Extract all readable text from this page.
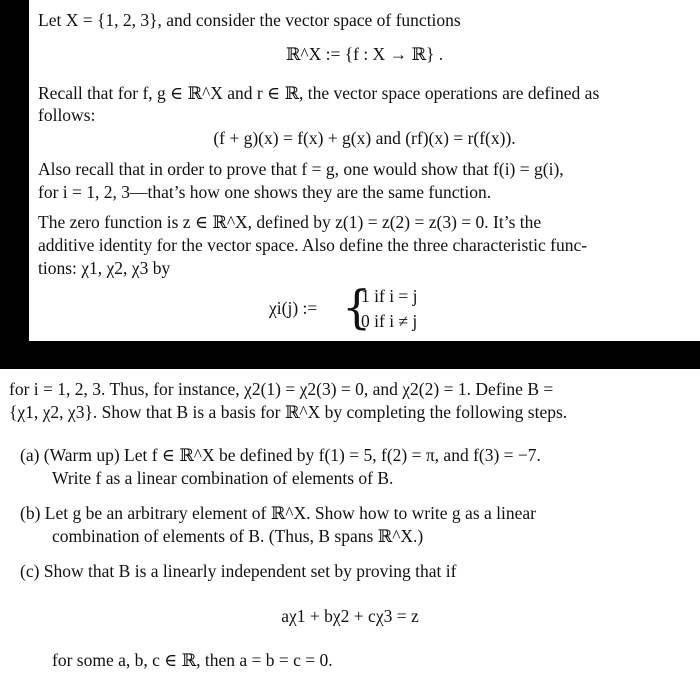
Let X = {1, 2, 3}, and consider the vector space of functions
ℝ^X := {f : X → ℝ} .
Recall that for f, g ∈ ℝ^X and r ∈ ℝ, the vector space operations are defined as
follows:
(f + g)(x) = f(x) + g(x) and (rf)(x) = r(f(x)).
Also recall that in order to prove that f = g, one would show that f(i) = g(i),
for i = 1, 2, 3—that’s how one shows they are the same function.
The zero function is z ∈ ℝ^X, defined by z(1) = z(2) = z(3) = 0. It’s the
additive identity for the vector space. Also define the three characteristic func-
tions: χ1, χ2, χ3 by
χi(j) := {
1 if i = j
0 if i ≠ j
for i = 1, 2, 3. Thus, for instance, χ2(1) = χ2(3) = 0, and χ2(2) = 1. Define B =
{χ1, χ2, χ3}. Show that B is a basis for ℝ^X by completing the following steps.
(a) (Warm up) Let f ∈ ℝ^X be defined by f(1) = 5, f(2) = π, and f(3) = −7.
Write f as a linear combination of elements of B.
(b) Let g be an arbitrary element of ℝ^X. Show how to write g as a linear
combination of elements of B. (Thus, B spans ℝ^X.)
(c) Show that B is a linearly independent set by proving that if
aχ1 + bχ2 + cχ3 = z
for some a, b, c ∈ ℝ, then a = b = c = 0.
